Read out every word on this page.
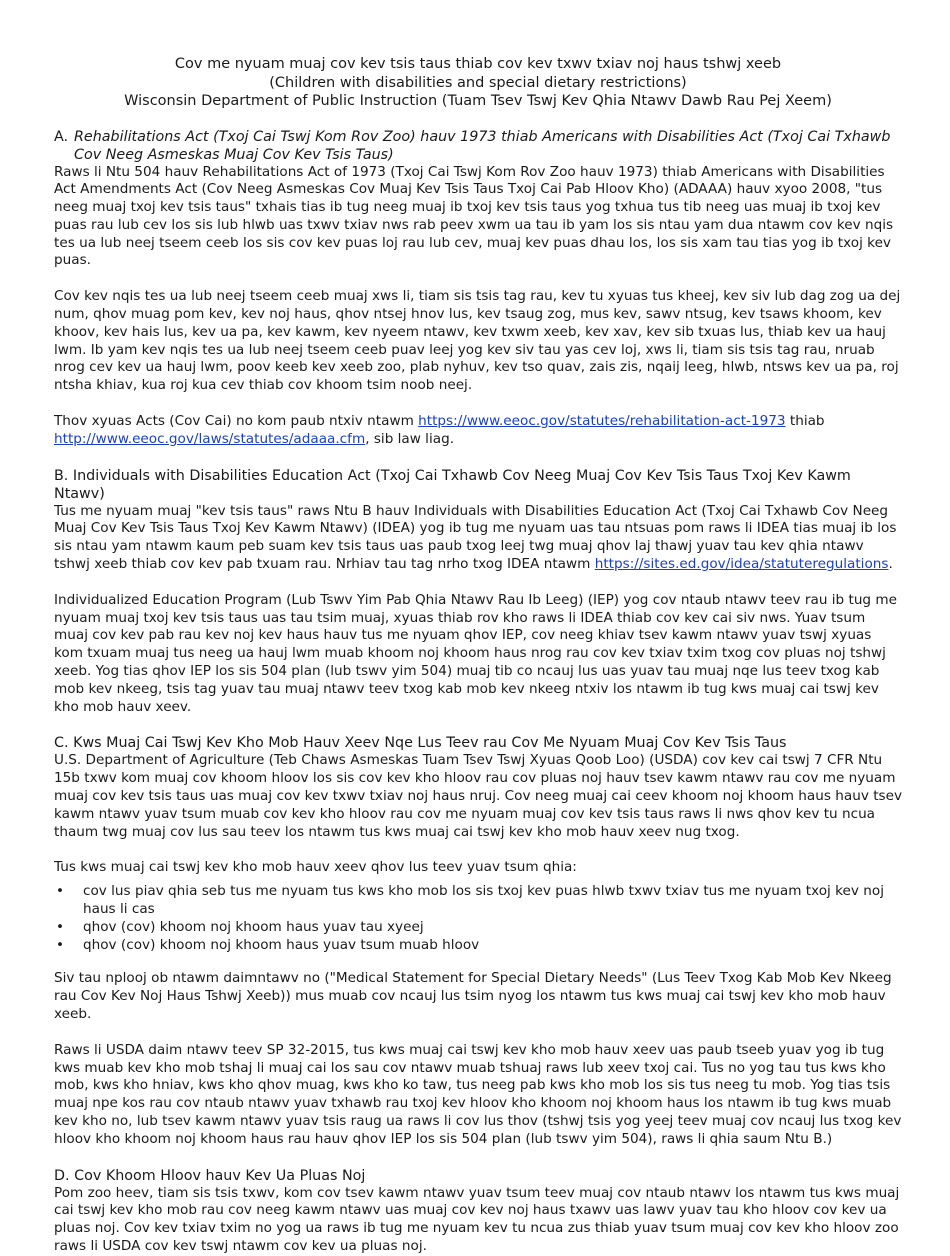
Cov me nyuam muaj cov kev tsis taus thiab cov kev txwv txiav noj haus tshwj xeeb
(Children with disabilities and special dietary restrictions)
Wisconsin Department of Public Instruction (Tuam Tsev Tswj Kev Qhia Ntawv Dawb Rau Pej Xeem)
A. Rehabilitations Act (Txoj Cai Tswj Kom Rov Zoo) hauv 1973 thiab Americans with Disabilities Act (Txoj Cai Txhawb Cov Neeg Asmeskas Muaj Cov Kev Tsis Taus)

Raws li Ntu 504 hauv Rehabilitations Act of 1973 (Txoj Cai Tswj Kom Rov Zoo hauv 1973) thiab Americans with Disabilities Act Amendments Act (Cov Neeg Asmeskas Cov Muaj Kev Tsis Taus Txoj Cai Pab Hloov Kho) (ADAAA) hauv xyoo 2008, "tus neeg muaj txoj kev tsis taus" txhais tias ib tug neeg muaj ib txoj kev tsis taus yog txhua tus tib neeg uas muaj ib txoj kev puas rau lub cev los sis lub hlwb uas txwv txiav nws rab peev xwm ua tau ib yam los sis ntau yam dua ntawm cov kev nqis tes ua lub neej tseem ceeb los sis cov kev puas loj rau lub cev, muaj kev puas dhau los, los sis xam tau tias yog ib txoj kev puas.

Cov kev nqis tes ua lub neej tseem ceeb muaj xws li, tiam sis tsis tag rau, kev tu xyuas tus kheej, kev siv lub dag zog ua dej num, qhov muag pom kev, kev noj haus, qhov ntsej hnov lus, kev tsaug zog, mus kev, sawv ntsug, kev tsaws khoom, kev khoov, kev hais lus, kev ua pa, kev kawm, kev nyeem ntawv, kev txwm xeeb, kev xav, kev sib txuas lus, thiab kev ua hauj lwm. Ib yam kev nqis tes ua lub neej tseem ceeb puav leej yog kev siv tau yas cev loj, xws li, tiam sis tsis tag rau, nruab nrog cev kev ua hauj lwm, poov keeb kev xeeb zoo, plab nyhuv, kev tso quav, zais zis, nqaij leeg, hlwb, ntsws kev ua pa, roj ntsha khiav, kua roj kua cev thiab cov khoom tsim noob neej.

Thov xyuas Acts (Cov Cai) no kom paub ntxiv ntawm https://www.eeoc.gov/statutes/rehabilitation-act-1973 thiab http://www.eeoc.gov/laws/statutes/adaaa.cfm, sib law liag.

B. Individuals with Disabilities Education Act (Txoj Cai Txhawb Cov Neeg Muaj Cov Kev Tsis Taus Txoj Kev Kawm Ntawv)

Tus me nyuam muaj "kev tsis taus" raws Ntu B hauv Individuals with Disabilities Education Act (Txoj Cai Txhawb Cov Neeg Muaj Cov Kev Tsis Taus Txoj Kev Kawm Ntawv) (IDEA) yog ib tug me nyuam uas tau ntsuas pom raws li IDEA tias muaj ib los sis ntau yam ntawm kaum peb suam kev tsis taus uas paub txog leej twg muaj qhov laj thawj yuav tau kev qhia ntawv tshwj xeeb thiab cov kev pab txuam rau. Nrhiav tau tag nrho txog IDEA ntawm https://sites.ed.gov/idea/statuteregulations.

Individualized Education Program (Lub Tswv Yim Pab Qhia Ntawv Rau Ib Leeg) (IEP) yog cov ntaub ntawv teev rau ib tug me nyuam muaj txoj kev tsis taus uas tau tsim muaj, xyuas thiab rov kho raws li IDEA thiab cov kev cai siv nws. Yuav tsum muaj cov kev pab rau kev noj kev haus hauv tus me nyuam qhov IEP, cov neeg khiav tsev kawm ntawv yuav tswj xyuas kom txuam muaj tus neeg ua hauj lwm muab khoom noj khoom haus nrog rau cov kev txiav txim txog cov pluas noj tshwj xeeb. Yog tias qhov IEP los sis 504 plan (lub tswv yim 504) muaj tib co ncauj lus uas yuav tau muaj nqe lus teev txog kab mob kev nkeeg, tsis tag yuav tau muaj ntawv teev txog kab mob kev nkeeg ntxiv los ntawm ib tug kws muaj cai tswj kev kho mob hauv xeev.

C. Kws Muaj Cai Tswj Kev Kho Mob Hauv Xeev Nqe Lus Teev rau Cov Me Nyuam Muaj Cov Kev Tsis Taus

U.S. Department of Agriculture (Teb Chaws Asmeskas Tuam Tsev Tswj Xyuas Qoob Loo) (USDA) cov kev cai tswj 7 CFR Ntu 15b txwv kom muaj cov khoom hloov los sis cov kev kho hloov rau cov pluas noj hauv tsev kawm ntawv rau cov me nyuam muaj cov kev tsis taus uas muaj cov kev txwv txiav noj haus nruj. Cov neeg muaj cai ceev khoom noj khoom haus hauv tsev kawm ntawv yuav tsum muab cov kev kho hloov rau cov me nyuam muaj cov kev tsis taus raws li nws qhov kev tu ncua thaum twg muaj cov lus sau teev los ntawm tus kws muaj cai tswj kev kho mob hauv xeev nug txog.

Tus kws muaj cai tswj kev kho mob hauv xeev qhov lus teev yuav tsum qhia:

• cov lus piav qhia seb tus me nyuam tus kws kho mob los sis txoj kev puas hlwb txwv txiav tus me nyuam txoj kev noj haus li cas
• qhov (cov) khoom noj khoom haus yuav tau xyeej
• qhov (cov) khoom noj khoom haus yuav tsum muab hloov

Siv tau nplooj ob ntawm daimntawv no ("Medical Statement for Special Dietary Needs" (Lus Teev Txog Kab Mob Kev Nkeeg rau Cov Kev Noj Haus Tshwj Xeeb)) mus muab cov ncauj lus tsim nyog los ntawm tus kws muaj cai tswj kev kho mob hauv xeeb.

Raws li USDA daim ntawv teev SP 32-2015, tus kws muaj cai tswj kev kho mob hauv xeev uas paub tseeb yuav yog ib tug kws muab kev kho mob tshaj li muaj cai los sau cov ntawv muab tshuaj raws lub xeev txoj cai. Tus no yog tau tus kws kho mob, kws kho hniav, kws kho qhov muag, kws kho ko taw, tus neeg pab kws kho mob los sis tus neeg tu mob. Yog tias tsis muaj npe kos rau cov ntaub ntawv yuav txhawb rau txoj kev hloov kho khoom noj khoom haus los ntawm ib tug kws muab kev kho no, lub tsev kawm ntawv yuav tsis raug ua raws li cov lus thov (tshwj tsis yog yeej teev muaj cov ncauj lus txog kev hloov kho khoom noj khoom haus rau hauv qhov IEP los sis 504 plan (lub tswv yim 504), raws li qhia saum Ntu B.)

D. Cov Khoom Hloov hauv Kev Ua Pluas Noj

Pom zoo heev, tiam sis tsis txwv, kom cov tsev kawm ntawv yuav tsum teev muaj cov ntaub ntawv los ntawm tus kws muaj cai tswj kev kho mob rau cov neeg kawm ntawv uas muaj cov kev noj haus txawv uas lawv yuav tau kho hloov cov kev ua pluas noj. Cov kev txiav txim no yog ua raws ib tug me nyuam kev tu ncua zus thiab yuav tsum muaj cov kev kho hloov zoo raws li USDA cov kev tswj ntawm cov kev ua pluas noj.
